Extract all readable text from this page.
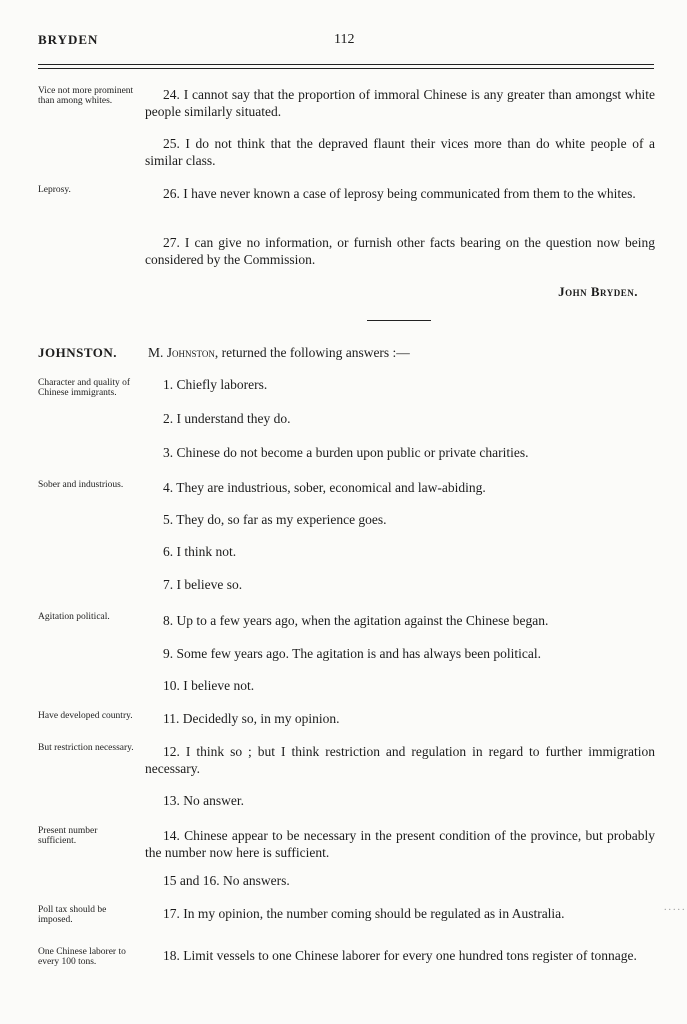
BRYDEN	112
Vice not more prominent than among whites.	24. I cannot say that the proportion of immoral Chinese is any greater than amongst white people similarly situated.
25. I do not think that the depraved flaunt their vices more than do white people of a similar class.
Leprosy.	26. I have never known a case of leprosy being communicated from them to the whites.
27. I can give no information, or furnish other facts bearing on the question now being considered by the Commission.
John Bryden.
JOHNSTON. M. Johnston, returned the following answers :—
Character and quality of Chinese immigrants.
1. Chiefly laborers.
2. I understand they do.
3. Chinese do not become a burden upon public or private charities.
Sober and industrious.	4. They are industrious, sober, economical and law-abiding.
5. They do, so far as my experience goes.
6. I think not.
7. I believe so.
Agitation political.	8. Up to a few years ago, when the agitation against the Chinese began.
9. Some few years ago. The agitation is and has always been political.
10. I believe not.
Have developed country.	11. Decidedly so, in my opinion.
But restriction necessary.	12. I think so ; but I think restriction and regulation in regard to further immigration necessary.
13. No answer.
Present number sufficient.	14. Chinese appear to be necessary in the present condition of the province, but probably the number now here is sufficient.
15 and 16. No answers.
Poll tax should be imposed.	17. In my opinion, the number coming should be regulated as in Australia.	.....
One Chinese laborer to every 100 tons.	18. Limit vessels to one Chinese laborer for every one hundred tons register of tonnage.
